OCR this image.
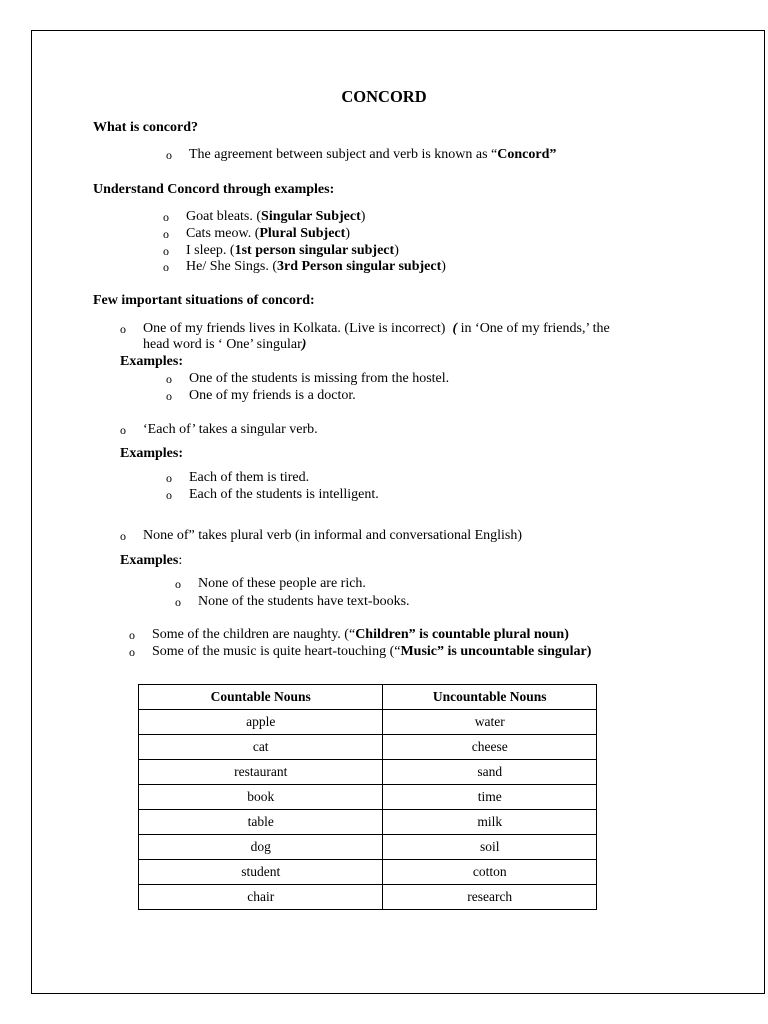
CONCORD
What is concord?
o The agreement between subject and verb is known as “Concord”
Understand Concord through examples:
o Goat bleats. (Singular Subject)
o Cats meow. (Plural Subject)
o I sleep. (1st person singular subject)
o He/ She Sings. (3rd Person singular subject)
Few important situations of concord:
o One of my friends lives in Kolkata. (Live is incorrect) ( in ‘One of my friends,’ the
head word is ‘ One’ singular)
Examples:
o One of the students is missing from the hostel.
o One of my friends is a doctor.
o ‘Each of’ takes a singular verb.
Examples:
o Each of them is tired.
o Each of the students is intelligent.
o None of” takes plural verb (in informal and conversational English)
Examples:
o None of these people are rich.
o None of the students have text-books.
o Some of the children are naughty. (“Children” is countable plural noun)
o Some of the music is quite heart-touching (“Music” is uncountable singular)
Countable Nouns	Uncountable Nouns
apple	water
cat	cheese
restaurant	sand
book	time
table	milk
dog	soil
student	cotton
chair	research
